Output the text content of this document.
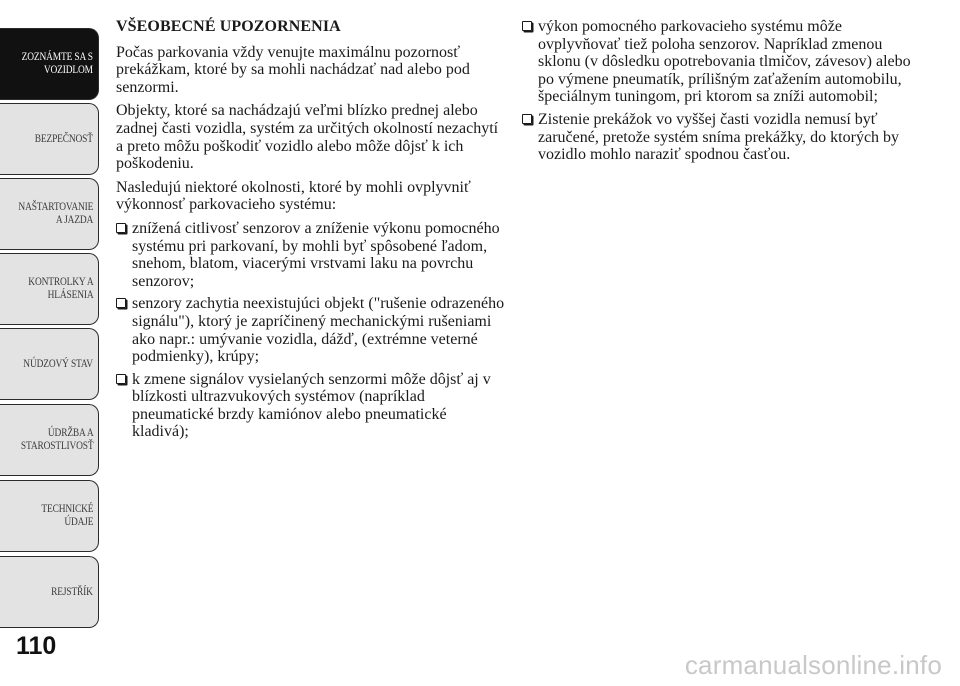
ZOZNÁMTE SA S
VOZIDLOM
BEZPEČNOSŤ
NAŠTARTOVANIE
A JAZDA
KONTROLKY A
HLÁSENIA
NÚDZOVÝ STAV
ÚDRŽBA A
STAROSTLIVOSŤ
TECHNICKÉ
ÚDAJE
REJSTŘÍK
110
VŠEOBECNÉ UPOZORNENIA

Počas parkovania vždy venujte maximálnu pozornosť prekážkam, ktoré by sa mohli nachádzať nad alebo pod senzormi.

Objekty, ktoré sa nachádzajú veľmi blízko prednej alebo zadnej časti vozidla, systém za určitých okolností nezachytí a preto môžu poškodiť vozidlo alebo môže dôjsť k ich poškodeniu.

Nasledujú niektoré okolnosti, ktoré by mohli ovplyvniť výkonnosť parkovacieho systému:

znížená citlivosť senzorov a zníženie výkonu pomocného systému pri parkovaní, by mohli byť spôsobené ľadom, snehom, blatom, viacerými vrstvami laku na povrchu senzorov;
senzory zachytia neexistujúci objekt ("rušenie odrazeného signálu"), ktorý je zapríčinený mechanickými rušeniami ako napr.: umývanie vozidla, dážď, (extrémne veterné podmienky), krúpy;
k zmene signálov vysielaných senzormi môže dôjsť aj v blízkosti ultrazvukových systémov (napríklad pneumatické brzdy kamiónov alebo pneumatické kladivá);
výkon pomocného parkovacieho systému môže ovplyvňovať tiež poloha senzorov. Napríklad zmenou sklonu (v dôsledku opotrebovania tlmičov, závesov) alebo po výmene pneumatík, prílišným zaťažením automobilu, špeciálnym tuningom, pri ktorom sa zníži automobil;
Zistenie prekážok vo vyššej časti vozidla nemusí byť zaručené, pretože systém sníma prekážky, do ktorých by vozidlo mohlo naraziť spodnou časťou.
carmanualsonline.info
